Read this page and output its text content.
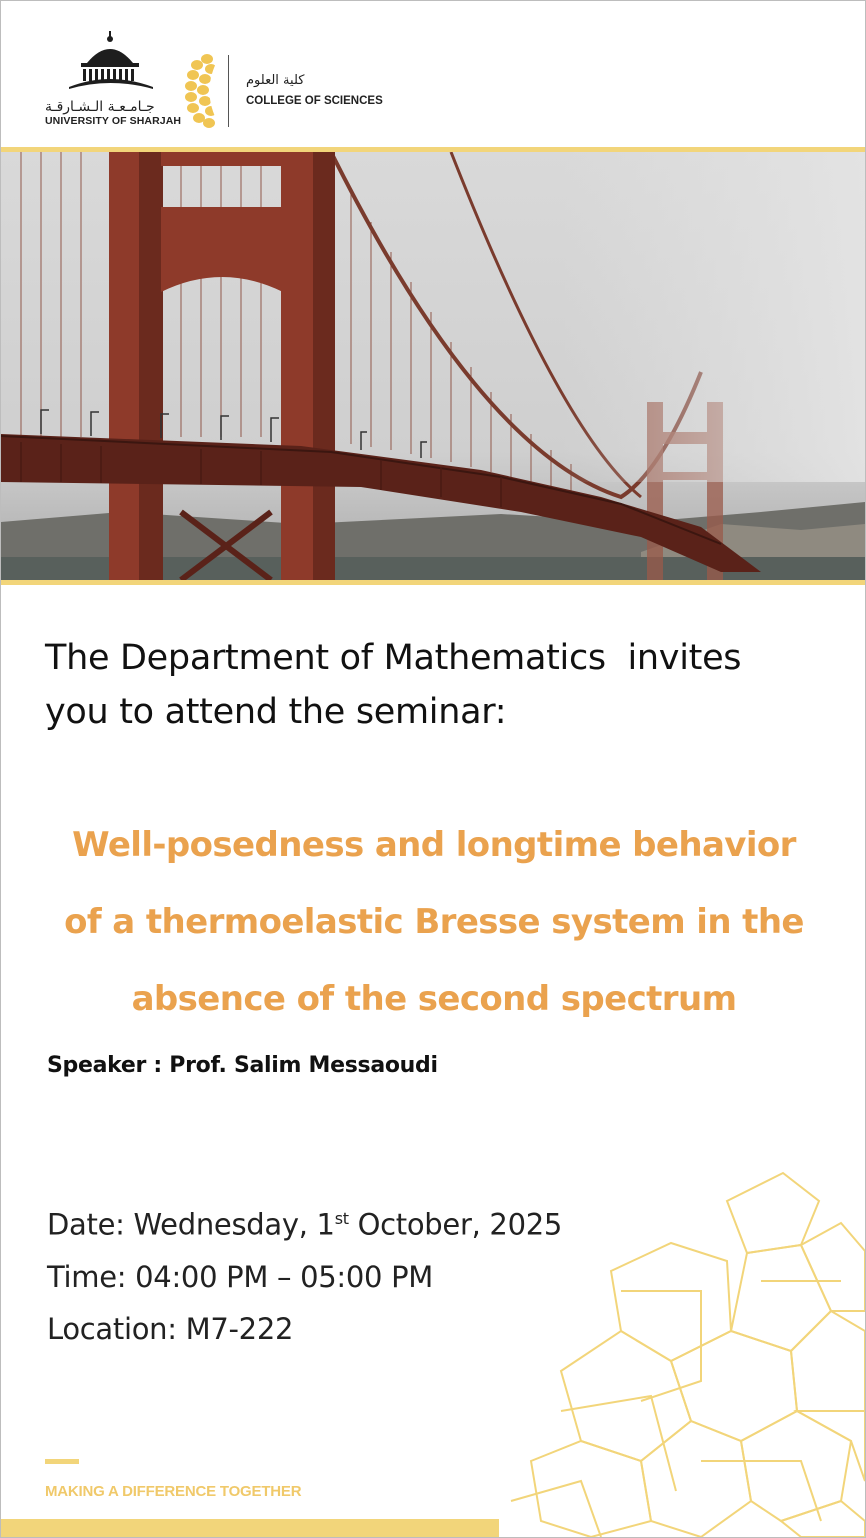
جـامـعـة الـشـارقـة
UNIVERSITY OF SHARJAH
كلية العلوم
COLLEGE OF SCIENCES
The Department of Mathematics  invites
you to attend the seminar:
Well-posedness and longtime behavior
of a thermoelastic Bresse system in the
absence of the second spectrum
Speaker : Prof. Salim Messaoudi
Date: Wednesday, 1st October, 2025
Time: 04:00 PM – 05:00 PM
Location: M7-222
MAKING A DIFFERENCE TOGETHER
